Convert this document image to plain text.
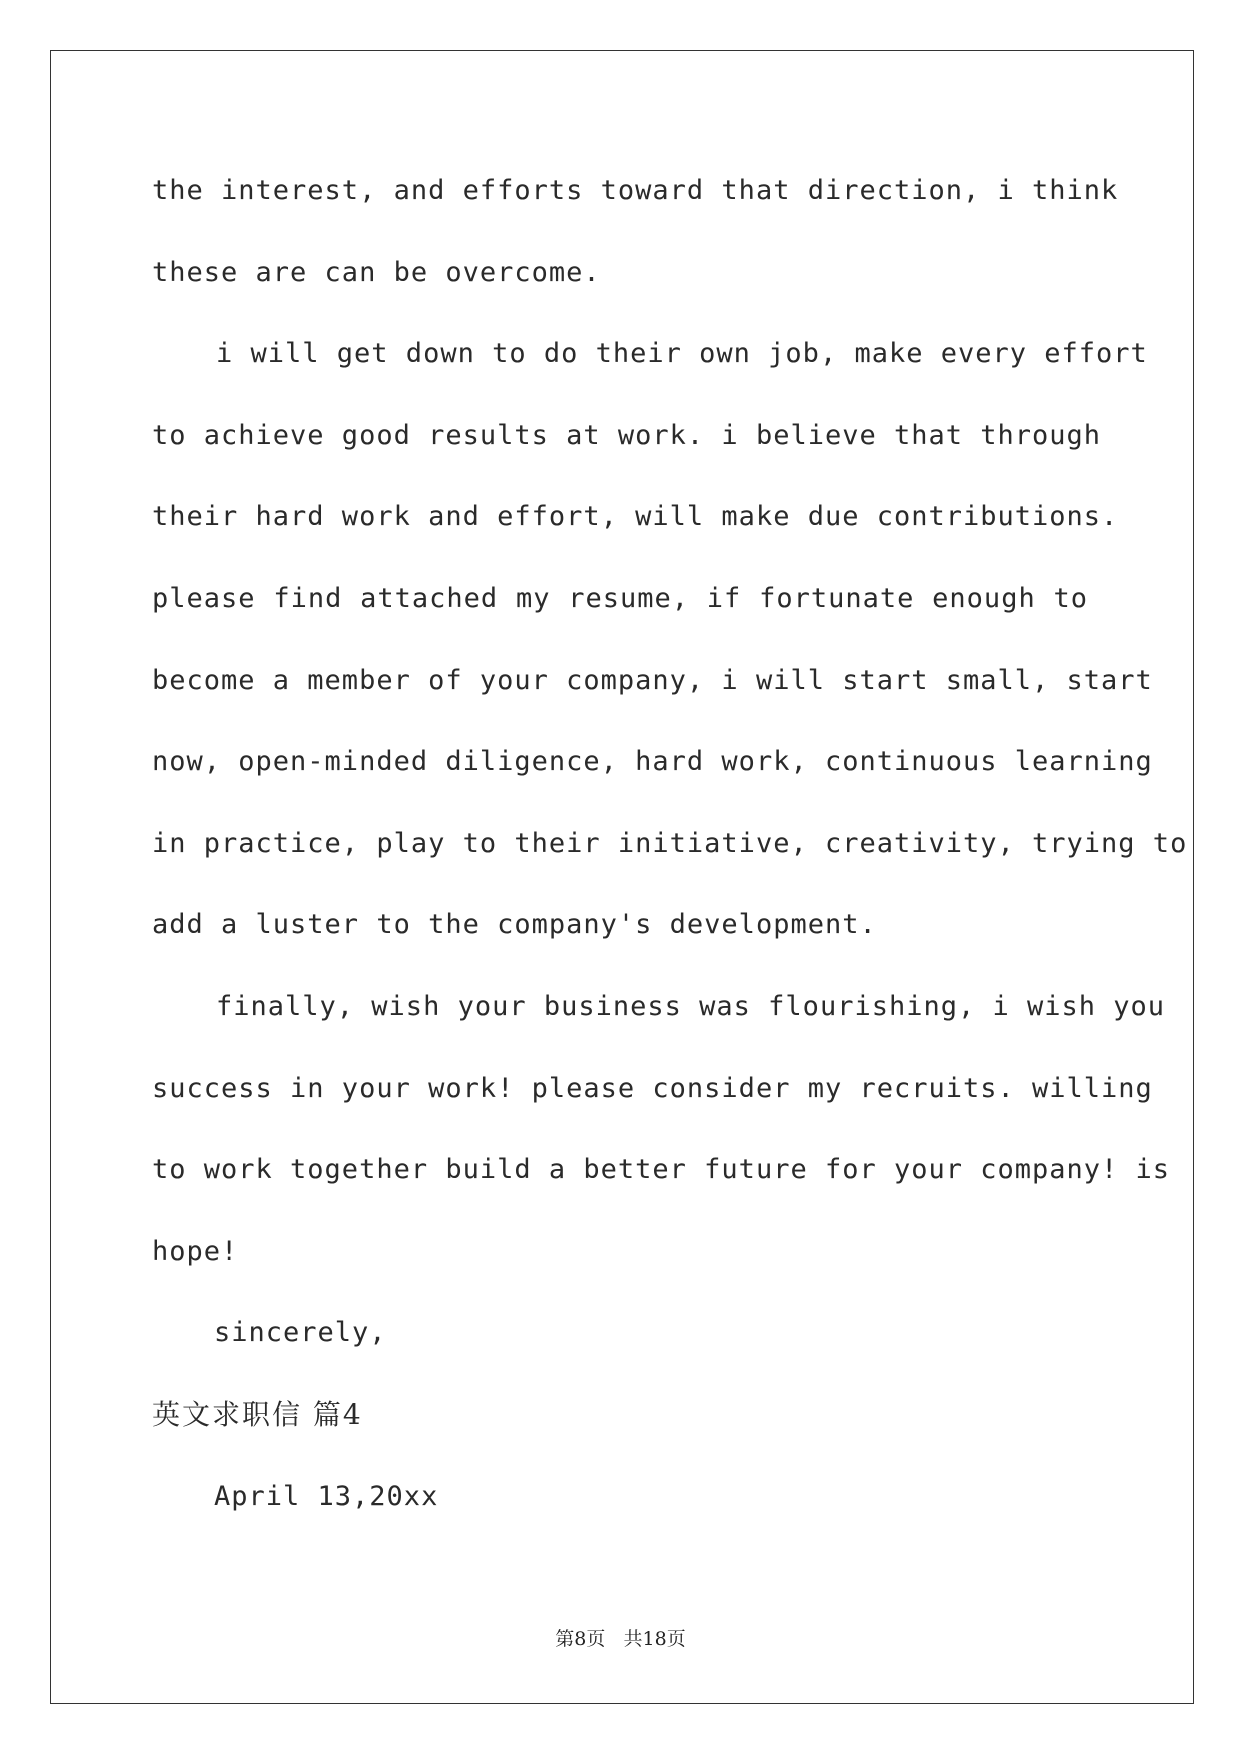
the interest, and efforts toward that direction, i think
these are can be overcome.
i will get down to do their own job, make every effort
to achieve good results at work. i believe that through
their hard work and effort, will make due contributions.
please find attached my resume, if fortunate enough to
become a member of your company, i will start small, start
now, open-minded diligence, hard work, continuous learning
in practice, play to their initiative, creativity, trying to
add a luster to the company's development.
finally, wish your business was flourishing, i wish you
success in your work! please consider my recruits. willing
to work together build a better future for your company! is
hope!
sincerely,
英文求职信 篇4
April 13,20xx
第8页 共18页
